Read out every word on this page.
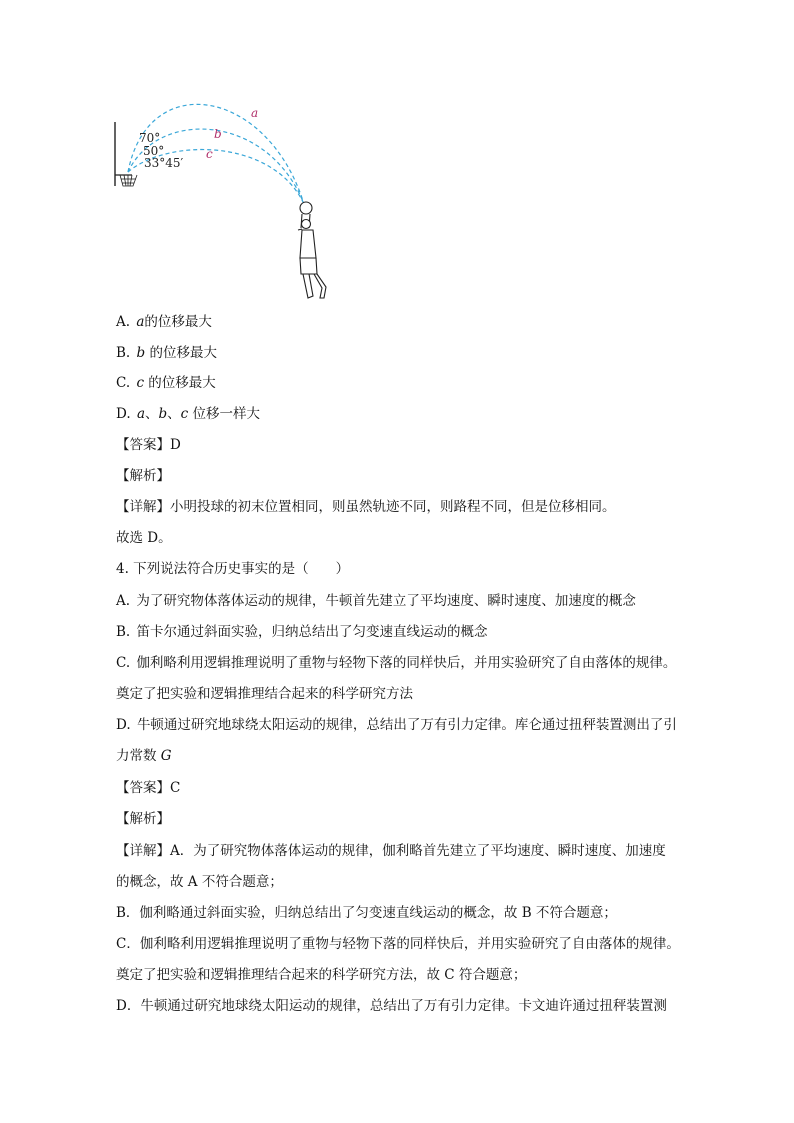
70°
50°
33°45′
a
b
c
A. a的位移最大
B. b 的位移最大
C. c 的位移最大
D. a、b、c 位移一样大
【答案】D
【解析】
【详解】小明投球的初末位置相同，则虽然轨迹不同，则路程不同，但是位移相同。
故选 D。
4. 下列说法符合历史事实的是（　　）
A. 为了研究物体落体运动的规律，牛顿首先建立了平均速度、瞬时速度、加速度的概念
B. 笛卡尔通过斜面实验，归纳总结出了匀变速直线运动的概念
C. 伽利略利用逻辑推理说明了重物与轻物下落的同样快后，并用实验研究了自由落体的规律。
奠定了把实验和逻辑推理结合起来的科学研究方法
D. 牛顿通过研究地球绕太阳运动的规律，总结出了万有引力定律。库仑通过扭秤装置测出了引
力常数 G
【答案】C
【解析】
【详解】A．为了研究物体落体运动的规律，伽利略首先建立了平均速度、瞬时速度、加速度
的概念，故 A 不符合题意；
B．伽利略通过斜面实验，归纳总结出了匀变速直线运动的概念，故 B 不符合题意；
C．伽利略利用逻辑推理说明了重物与轻物下落的同样快后，并用实验研究了自由落体的规律。
奠定了把实验和逻辑推理结合起来的科学研究方法，故 C 符合题意；
D．牛顿通过研究地球绕太阳运动的规律，总结出了万有引力定律。卡文迪许通过扭秤装置测
